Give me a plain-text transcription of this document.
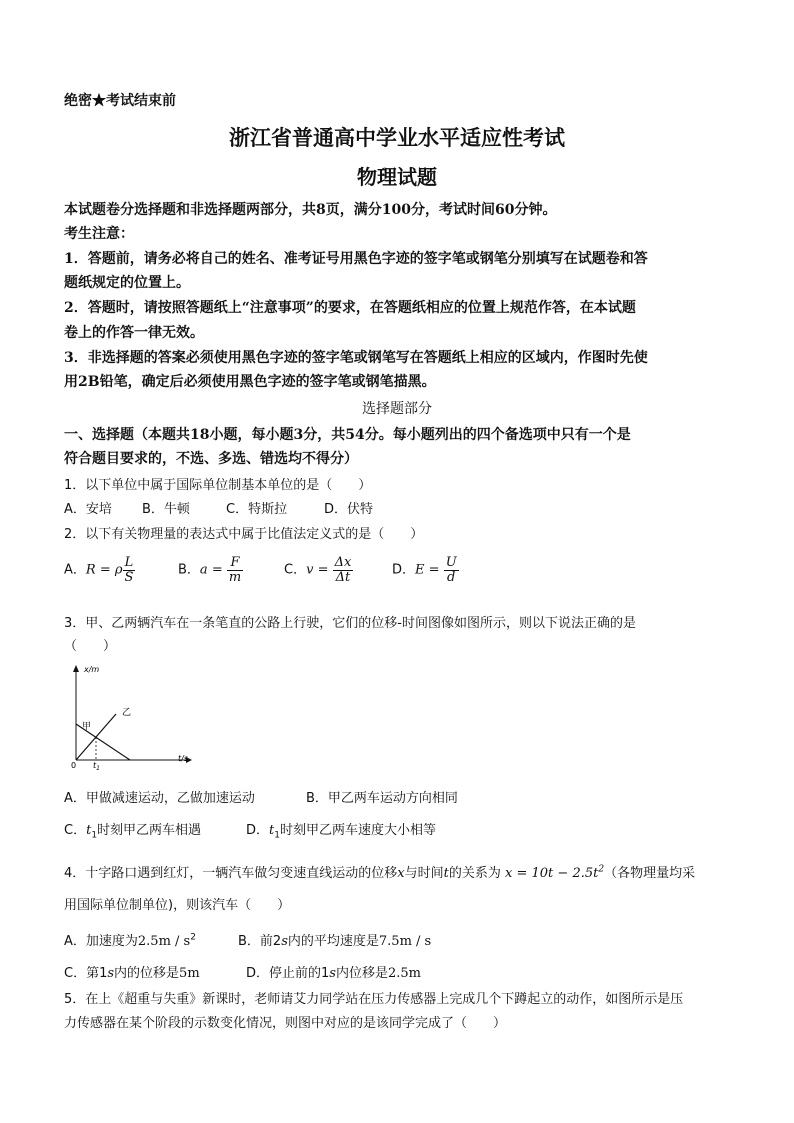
绝密★考试结束前
浙江省普通高中学业水平适应性考试
物理试题
本试题卷分选择题和非选择题两部分，共8页，满分100分，考试时间60分钟。
考生注意：
1．答题前，请务必将自己的姓名、准考证号用黑色字迹的签字笔或钢笔分别填写在试题卷和答
题纸规定的位置上。
2．答题时，请按照答题纸上“注意事项”的要求，在答题纸相应的位置上规范作答，在本试题
卷上的作答一律无效。
3．非选择题的答案必须使用黑色字迹的签字笔或钢笔写在答题纸上相应的区域内，作图时先使
用2B铅笔，确定后必须使用黑色字迹的签字笔或钢笔描黑。
选择题部分
一、选择题（本题共18小题，每小题3分，共54分。每小题列出的四个备选项中只有一个是
符合题目要求的，不选、多选、错选均不得分）
1．以下单位中属于国际单位制基本单位的是（　　）
A．安培 B．牛顿	C．特斯拉	D．伏特
2．以下有关物理量的表达式中属于比值法定义式的是（　　）
A．R = ρ $\frac{L}{S}$	B．$a = \frac{F}{m}$	C．$v = \frac{\Delta x}{\Delta t}$	D．$E = \frac{U}{d}$
3．甲、乙两辆汽车在一条笔直的公路上行驶，它们的位移-时间图像如图所示，则以下说法正确的是
（　　）
x/m
t/s
0 $t_1$
甲
乙
A．甲做减速运动，乙做加速运动	B．甲乙两车运动方向相同
C．$t_1$时刻甲乙两车相遇	D．$t_1$时刻甲乙两车速度大小相等
4．十字路口遇到红灯，一辆汽车做匀变速直线运动的位移x与时间t的关系为 $x = 10t - 2.5t^2$（各物理量均采
用国际单位制单位)，则该汽车（　　）
A．加速度为$2.5m / s^2$	B．前2s内的平均速度是7.5m / s
C．第1s内的位移是5m	D．停止前的1s内位移是2.5m
5．在上《超重与失重》新课时，老师请艾力同学站在压力传感器上完成几个下蹲起立的动作，如图所示是压
力传感器在某个阶段的示数变化情况，则图中对应的是该同学完成了（　　）
